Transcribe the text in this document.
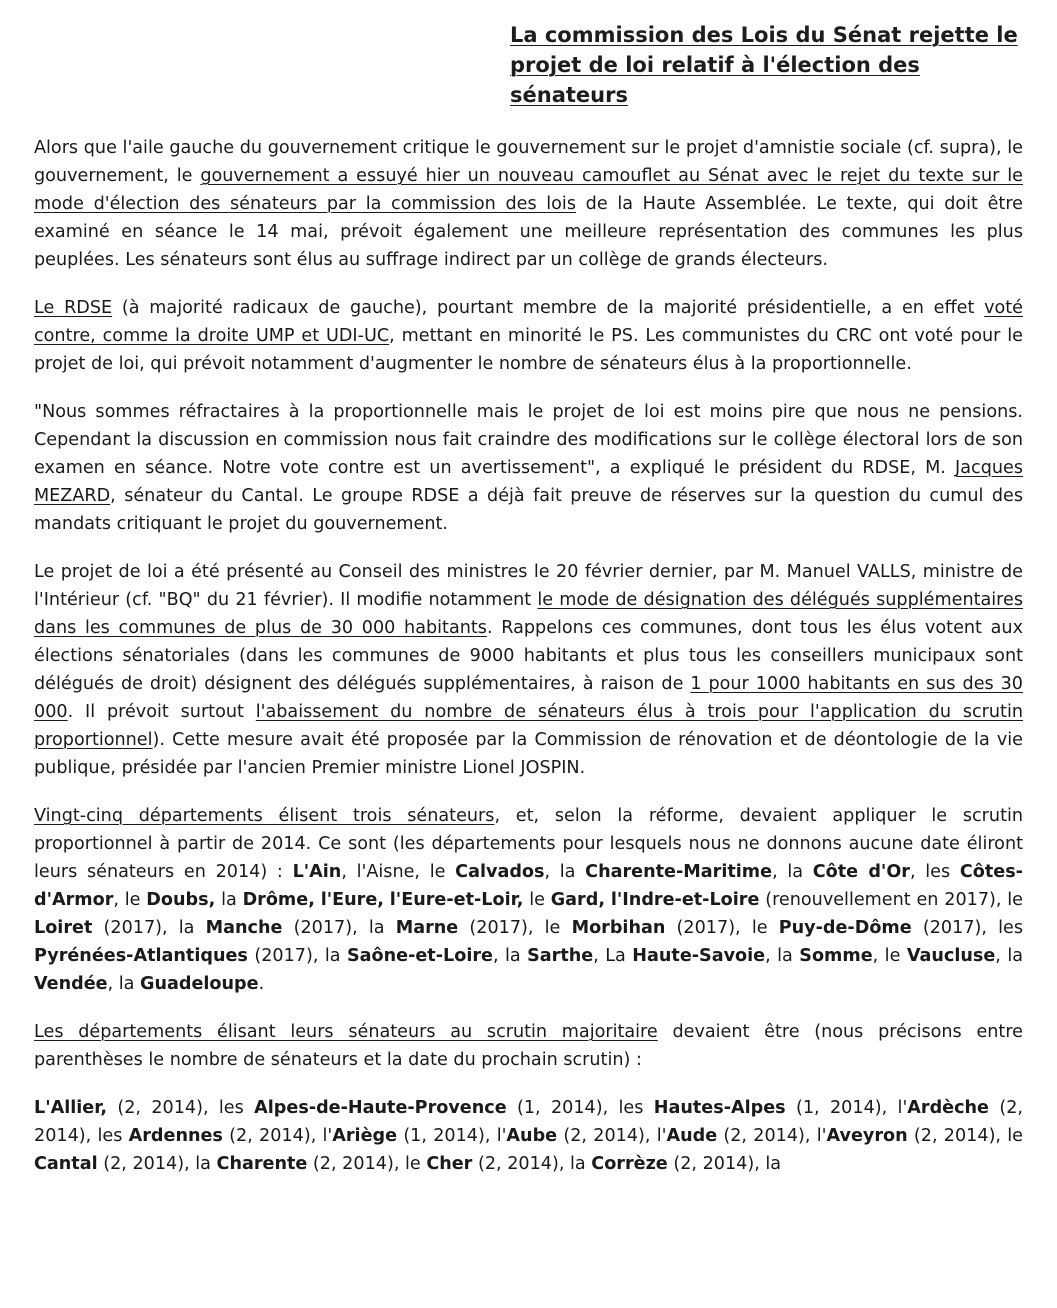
La commission des Lois du Sénat rejette le
projet de loi relatif à l'élection des sénateurs

Alors que l'aile gauche du gouvernement critique le gouvernement sur le projet d'amnistie sociale (cf. supra), le gouvernement, le gouvernement a essuyé hier un nouveau camouflet au Sénat avec le rejet du texte sur le mode d'élection des sénateurs par la commission des lois de la Haute Assemblée. Le texte, qui doit être examiné en séance le 14 mai, prévoit également une meilleure représentation des communes les plus peuplées. Les sénateurs sont élus au suffrage indirect par un collège de grands électeurs.

Le RDSE (à majorité radicaux de gauche), pourtant membre de la majorité présidentielle, a en effet voté contre, comme la droite UMP et UDI-UC, mettant en minorité le PS. Les communistes du CRC ont voté pour le projet de loi, qui prévoit notamment d'augmenter le nombre de sénateurs élus à la proportionnelle.

"Nous sommes réfractaires à la proportionnelle mais le projet de loi est moins pire que nous ne pensions. Cependant la discussion en commission nous fait craindre des modifications sur le collège électoral lors de son examen en séance. Notre vote contre est un avertissement", a expliqué le président du RDSE, M. Jacques MEZARD, sénateur du Cantal. Le groupe RDSE a déjà fait preuve de réserves sur la question du cumul des mandats critiquant le projet du gouvernement.

Le projet de loi a été présenté au Conseil des ministres le 20 février dernier, par M. Manuel VALLS, ministre de l'Intérieur (cf. "BQ" du 21 février). Il modifie notamment le mode de désignation des délégués supplémentaires dans les communes de plus de 30 000 habitants. Rappelons ces communes, dont tous les élus votent aux élections sénatoriales (dans les communes de 9000 habitants et plus tous les conseillers municipaux sont délégués de droit) désignent des délégués supplémentaires, à raison de 1 pour 1000 habitants en sus des 30 000. Il prévoit surtout l'abaissement du nombre de sénateurs élus à trois pour l'application du scrutin proportionnel). Cette mesure avait été proposée par la Commission de rénovation et de déontologie de la vie publique, présidée par l'ancien Premier ministre Lionel JOSPIN.

Vingt-cinq départements élisent trois sénateurs, et, selon la réforme, devaient appliquer le scrutin proportionnel à partir de 2014. Ce sont (les départements pour lesquels nous ne donnons aucune date éliront leurs sénateurs en 2014) : L'Ain, l'Aisne, le Calvados, la Charente-Maritime, la Côte d'Or, les Côtes-d'Armor, le Doubs, la Drôme, l'Eure, l'Eure-et-Loir, le Gard, l'Indre-et-Loire (renouvellement en 2017), le Loiret (2017), la Manche (2017), la Marne (2017), le Morbihan (2017), le Puy-de-Dôme (2017), les Pyrénées-Atlantiques (2017), la Saône-et-Loire, la Sarthe, La Haute-Savoie, la Somme, le Vaucluse, la Vendée, la Guadeloupe.

Les départements élisant leurs sénateurs au scrutin majoritaire devaient être (nous précisons entre parenthèses le nombre de sénateurs et la date du prochain scrutin) :

L'Allier, (2, 2014), les Alpes-de-Haute-Provence (1, 2014), les Hautes-Alpes (1, 2014), l'Ardèche (2, 2014), les Ardennes (2, 2014), l'Ariège (1, 2014), l'Aube (2, 2014), l'Aude (2, 2014), l'Aveyron (2, 2014), le Cantal (2, 2014), la Charente (2, 2014), le Cher (2, 2014), la Corrèze (2, 2014), la
